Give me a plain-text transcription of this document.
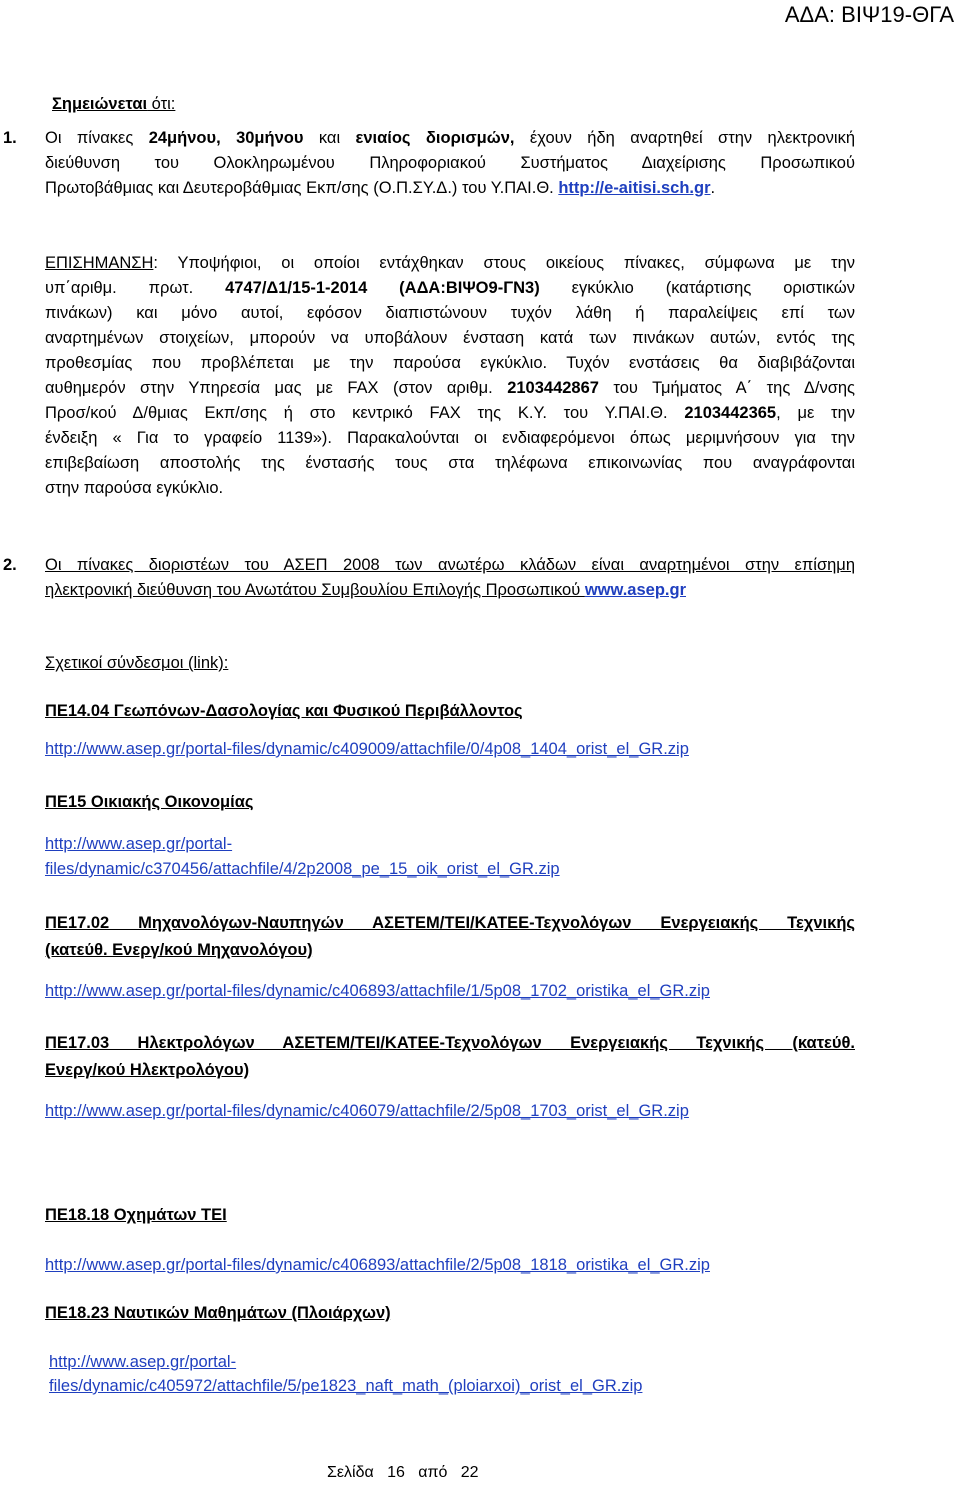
ΑΔΑ: ΒΙΨ19-ΘΓΑ
Σημειώνεται ότι:
1. Οι πίνακες 24μήνου, 30μήνου και ενιαίος διορισμών, έχουν ήδη αναρτηθεί στην ηλεκτρονική
διεύθυνση του Ολοκληρωμένου Πληροφοριακού Συστήματος Διαχείρισης Προσωπικού
Πρωτοβάθμιας και Δευτεροβάθμιας Εκπ/σης (Ο.Π.ΣΥ.Δ.) του Υ.ΠΑΙ.Θ. http://e-aitisi.sch.gr.
ΕΠΙΣΗΜΑΝΣΗ: Υποψήφιοι, οι οποίοι εντάχθηκαν στους οικείους πίνακες, σύμφωνα με την
υπ΄αριθμ. πρωτ. 4747/Δ1/15-1-2014 (ΑΔΑ:ΒΙΨΟ9-ΓΝ3) εγκύκλιο (κατάρτισης οριστικών
πινάκων) και μόνο αυτοί, εφόσον διαπιστώνουν τυχόν λάθη ή παραλείψεις επί των
αναρτημένων στοιχείων, μπορούν να υποβάλουν ένσταση κατά των πινάκων αυτών, εντός της
προθεσμίας που προβλέπεται με την παρούσα εγκύκλιο. Τυχόν ενστάσεις θα διαβιβάζονται
αυθημερόν στην Υπηρεσία μας με FAX (στον αριθμ. 2103442867 του Τμήματος Α΄ της Δ/νσης
Προσ/κού Δ/θμιας Εκπ/σης ή στο κεντρικό FAX της Κ.Υ. του Υ.ΠΑΙ.Θ. 2103442365, με την
ένδειξη « Για το γραφείο 1139»). Παρακαλούνται οι ενδιαφερόμενοι όπως μεριμνήσουν για την
επιβεβαίωση αποστολής της ένστασής τους στα τηλέφωνα επικοινωνίας που αναγράφονται
στην παρούσα εγκύκλιο.
2. Οι πίνακες διοριστέων του ΑΣΕΠ 2008 των ανωτέρω κλάδων είναι αναρτημένοι στην επίσημη
ηλεκτρονική διεύθυνση του Ανωτάτου Συμβουλίου Επιλογής Προσωπικού www.asep.gr
Σχετικοί σύνδεσμοι (link):
ΠΕ14.04 Γεωπόνων-Δασολογίας και Φυσικού Περιβάλλοντος
http://www.asep.gr/portal-files/dynamic/c409009/attachfile/0/4p08_1404_orist_el_GR.zip
ΠΕ15 Οικιακής Οικονομίας
http://www.asep.gr/portal-
files/dynamic/c370456/attachfile/4/2p2008_pe_15_oik_orist_el_GR.zip
ΠΕ17.02 Μηχανολόγων-Ναυπηγών ΑΣΕΤΕΜ/ΤΕΙ/ΚΑΤΕΕ-Τεχνολόγων Ενεργειακής Τεχνικής
(κατεύθ. Ενεργ/κού Μηχανολόγου)
http://www.asep.gr/portal-files/dynamic/c406893/attachfile/1/5p08_1702_oristika_el_GR.zip
ΠΕ17.03 Ηλεκτρολόγων ΑΣΕΤΕΜ/ΤΕΙ/ΚΑΤΕΕ-Τεχνολόγων Ενεργειακής Τεχνικής (κατεύθ.
Ενεργ/κού Ηλεκτρολόγου)
http://www.asep.gr/portal-files/dynamic/c406079/attachfile/2/5p08_1703_orist_el_GR.zip
ΠΕ18.18 Οχημάτων ΤΕΙ
http://www.asep.gr/portal-files/dynamic/c406893/attachfile/2/5p08_1818_oristika_el_GR.zip
ΠΕ18.23 Ναυτικών Μαθημάτων (Πλοιάρχων)
http://www.asep.gr/portal-
files/dynamic/c405972/attachfile/5/pe1823_naft_math_(ploiarxoi)_orist_el_GR.zip
Σελίδα 16 από 22
